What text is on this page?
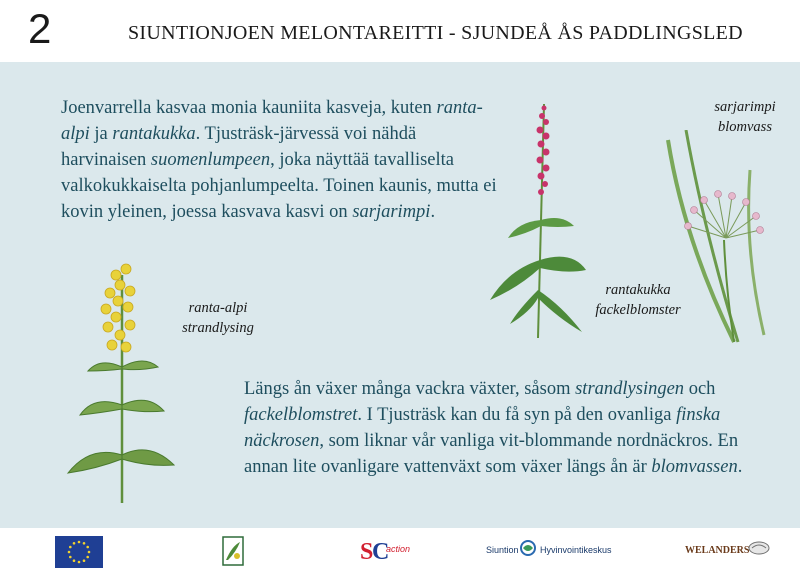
2	SIUNTIONJOEN MELONTAREITTI - SJUNDEÅ ÅS PADDLINGSLED

Joenvarrella kasvaa monia kauniita kasveja, kuten ranta-alpi ja rantakukka. Tjusträsk-järvessä voi nähdä harvinaisen suomenlumpeen, joka näyttää tavalliselta valkokukkaiselta pohjanlumpeelta. Toinen kaunis, mutta ei kovin yleinen, joessa kasvava kasvi on sarjarimpi.

Längs ån växer många vackra växter, såsom strandlysingen och fackelblomstret. I Tjusträsk kan du få syn på den ovanliga finska näckrosen, som liknar vår vanliga vit-blommande nordnäckros. En annan lite ovanligare vattenväxt som växer längs ån är blomvassen.

ranta-alpi
strandlysing
rantakukka
fackelblomster
sarjarimpi
blomvass
S
C
action	Siuntion Hyvinvointikeskus	WELANDERS
